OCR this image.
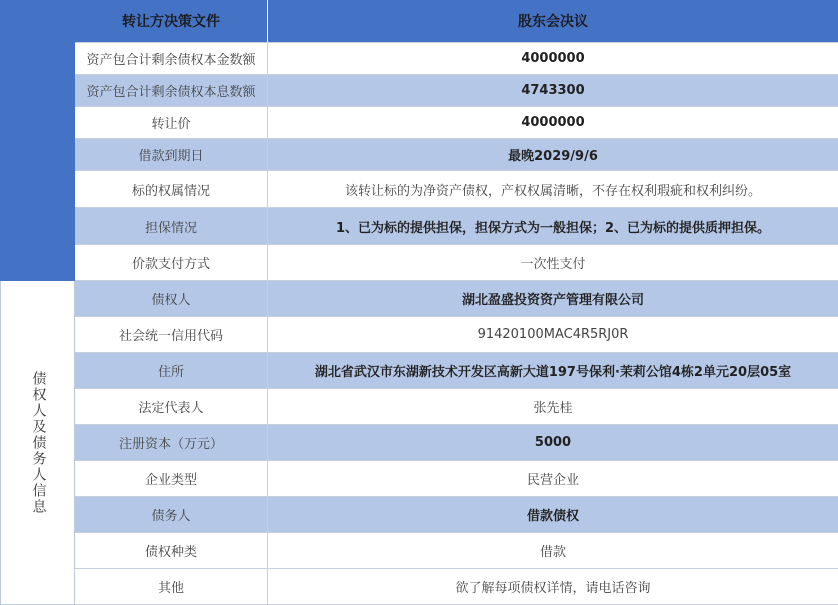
债权人及债务人信息
转让方决策文件	股东会决议
资产包合计剩余债权本金数额	4000000
资产包合计剩余债权本息数额	4743300
转让价	4000000
借款到期日	最晚2029/9/6
标的权属情况	该转让标的为净资产债权，产权权属清晰，不存在权利瑕疵和权利纠纷。
担保情况	1、已为标的提供担保，担保方式为一般担保；2、已为标的提供质押担保。
价款支付方式	一次性支付
债权人	湖北盈盛投资资产管理有限公司
社会统一信用代码	91420100MAC4R5RJ0R
住所	湖北省武汉市东湖新技术开发区高新大道197号保利·茉莉公馆4栋2单元20层05室
法定代表人	张先桂
注册资本（万元）	5000
企业类型	民营企业
债务人	借款债权
债权种类	借款
其他	欲了解每项债权详情，请电话咨询
